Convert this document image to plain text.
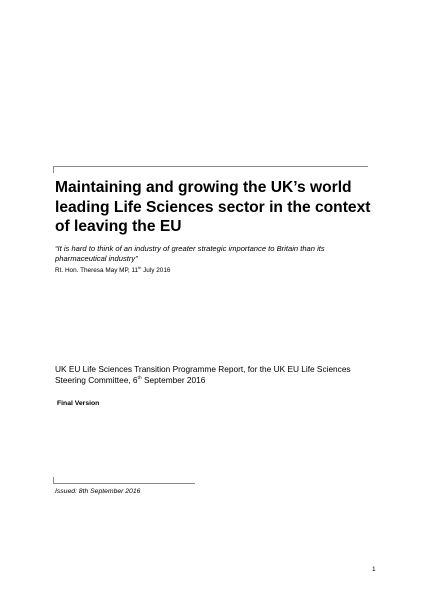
Maintaining and growing the UK’s world leading Life Sciences sector in the context of leaving the EU

“It is hard to think of an industry of greater strategic importance to Britain than its pharmaceutical industry”

Rt. Hon. Theresa May MP, 11th July 2016

UK EU Life Sciences Transition Programme Report, for the UK EU Life Sciences Steering Committee, 6th September 2016

Final Version

Issued: 8th September 2016

1
